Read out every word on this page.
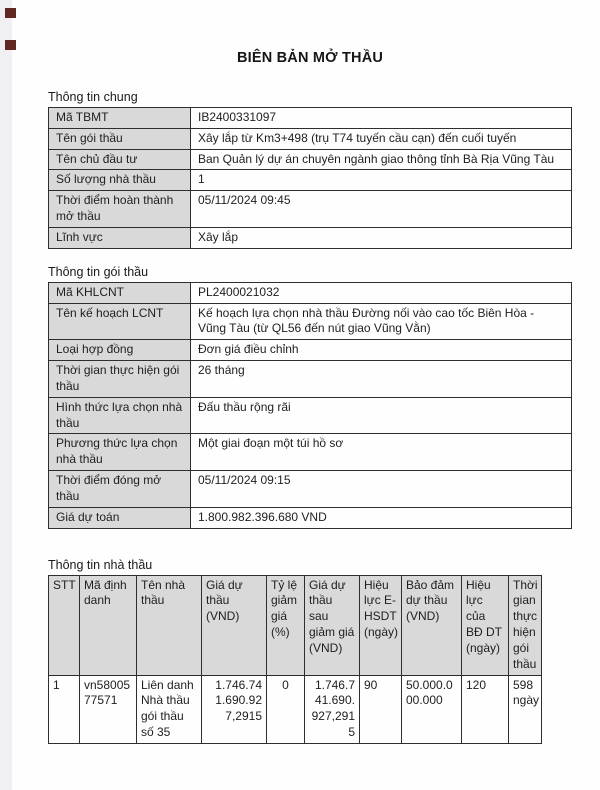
BIÊN BẢN MỞ THẦU
Thông tin chung
Mã TBMT	IB2400331097
Tên gói thầu	Xây lắp từ Km3+498 (trụ T74 tuyến cầu cạn) đến cuối tuyến
Tên chủ đầu tư	Ban Quản lý dự án chuyên ngành giao thông tỉnh Bà Rịa Vũng Tàu
Số lượng nhà thầu	1
Thời điểm hoàn thành mở thầu	05/11/2024 09:45
Lĩnh vực	Xây lắp
Thông tin gói thầu
Mã KHLCNT	PL2400021032
Tên kế hoạch LCNT	Kế hoạch lựa chọn nhà thầu Đường nối vào cao tốc Biên Hòa - Vũng Tàu (từ QL56 đến nút giao Vũng Vằn)
Loại hợp đồng	Đơn giá điều chỉnh
Thời gian thực hiện gói thầu	26 tháng
Hình thức lựa chọn nhà thầu	Đấu thầu rộng rãi
Phương thức lựa chọn nhà thầu	Một giai đoạn một túi hồ sơ
Thời điểm đóng mở thầu	05/11/2024 09:15
Giá dự toán	1.800.982.396.680 VND
Thông tin nhà thầu
STT	Mã định danh	Tên nhà thầu	Giá dự thầu (VND)	Tỷ lệ giảm giá (%)	Giá dự thầu sau giảm giá (VND)	Hiệu lực E-HSDT (ngày)	Bảo đảm dự thầu (VND)	Hiệu lực của BĐ DT (ngày)	Thời gian thực hiện gói thầu
1	vn5800577571	Liên danh Nhà thầu gói thầu số 35	1.746.741.690.927,2915	0	1.746.741.690.927,2915	90	50.000.000.000	120	598 ngày
